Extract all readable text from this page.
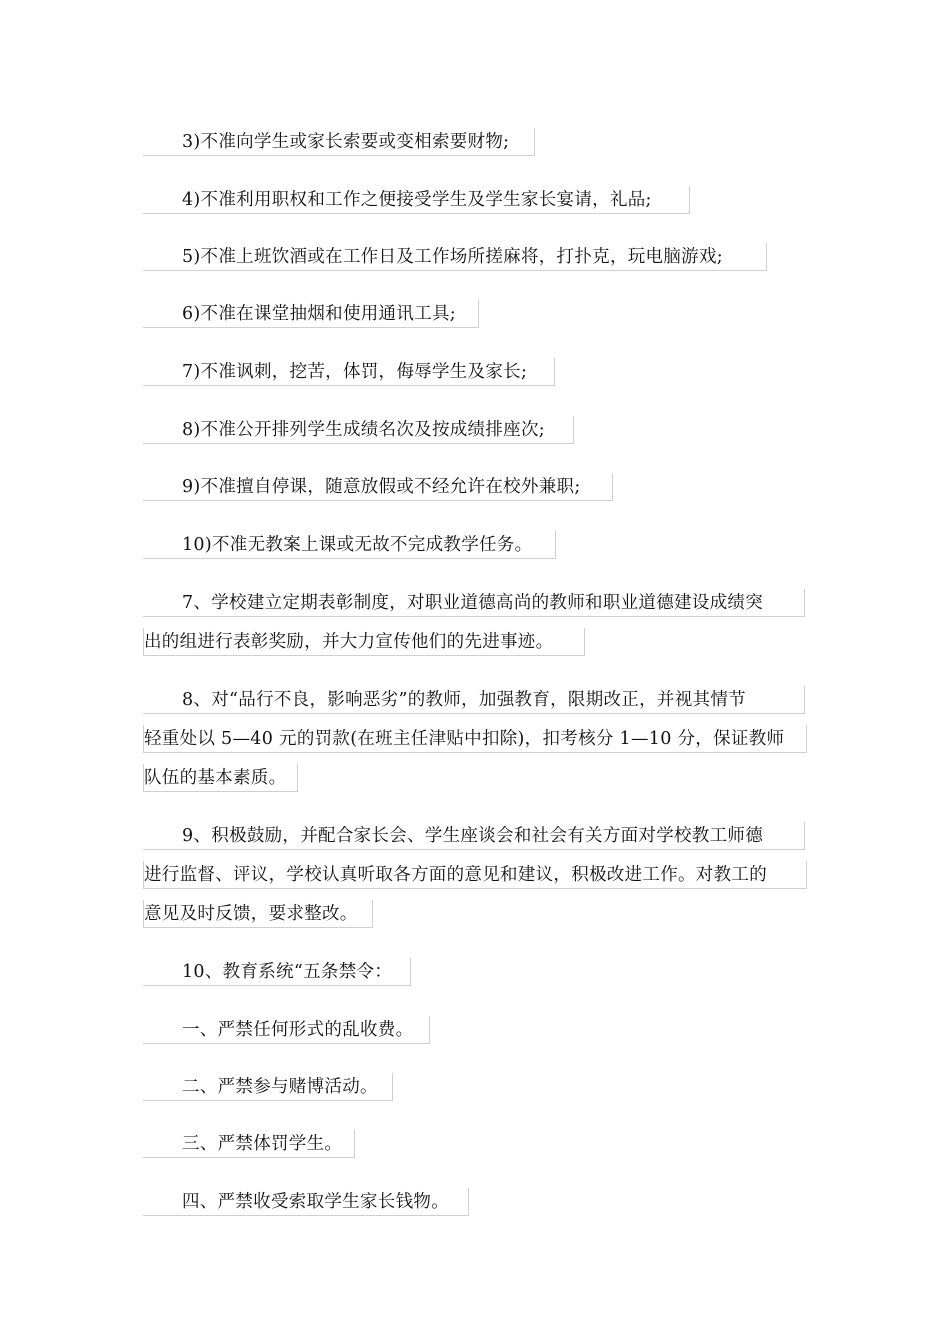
3)不准向学生或家长索要或变相索要财物;
4)不准利用职权和工作之便接受学生及学生家长宴请，礼品;
5)不准上班饮酒或在工作日及工作场所搓麻将，打扑克，玩电脑游戏;
6)不准在课堂抽烟和使用通讯工具;
7)不准讽刺，挖苦，体罚，侮辱学生及家长;
8)不准公开排列学生成绩名次及按成绩排座次;
9)不准擅自停课，随意放假或不经允许在校外兼职;
10)不准无教案上课或无故不完成教学任务。
7、学校建立定期表彰制度，对职业道德高尚的教师和职业道德建设成绩突
出的组进行表彰奖励，并大力宣传他们的先进事迹。
8、对“品行不良，影响恶劣”的教师，加强教育，限期改正，并视其情节
轻重处以 5—40 元的罚款(在班主任津贴中扣除)，扣考核分 1—10 分，保证教师
队伍的基本素质。
9、积极鼓励，并配合家长会、学生座谈会和社会有关方面对学校教工师德
进行监督、评议，学校认真听取各方面的意见和建议，积极改进工作。对教工的
意见及时反馈，要求整改。
10、教育系统“五条禁令：
一、严禁任何形式的乱收费。
二、严禁参与赌博活动。
三、严禁体罚学生。
四、严禁收受索取学生家长钱物。
